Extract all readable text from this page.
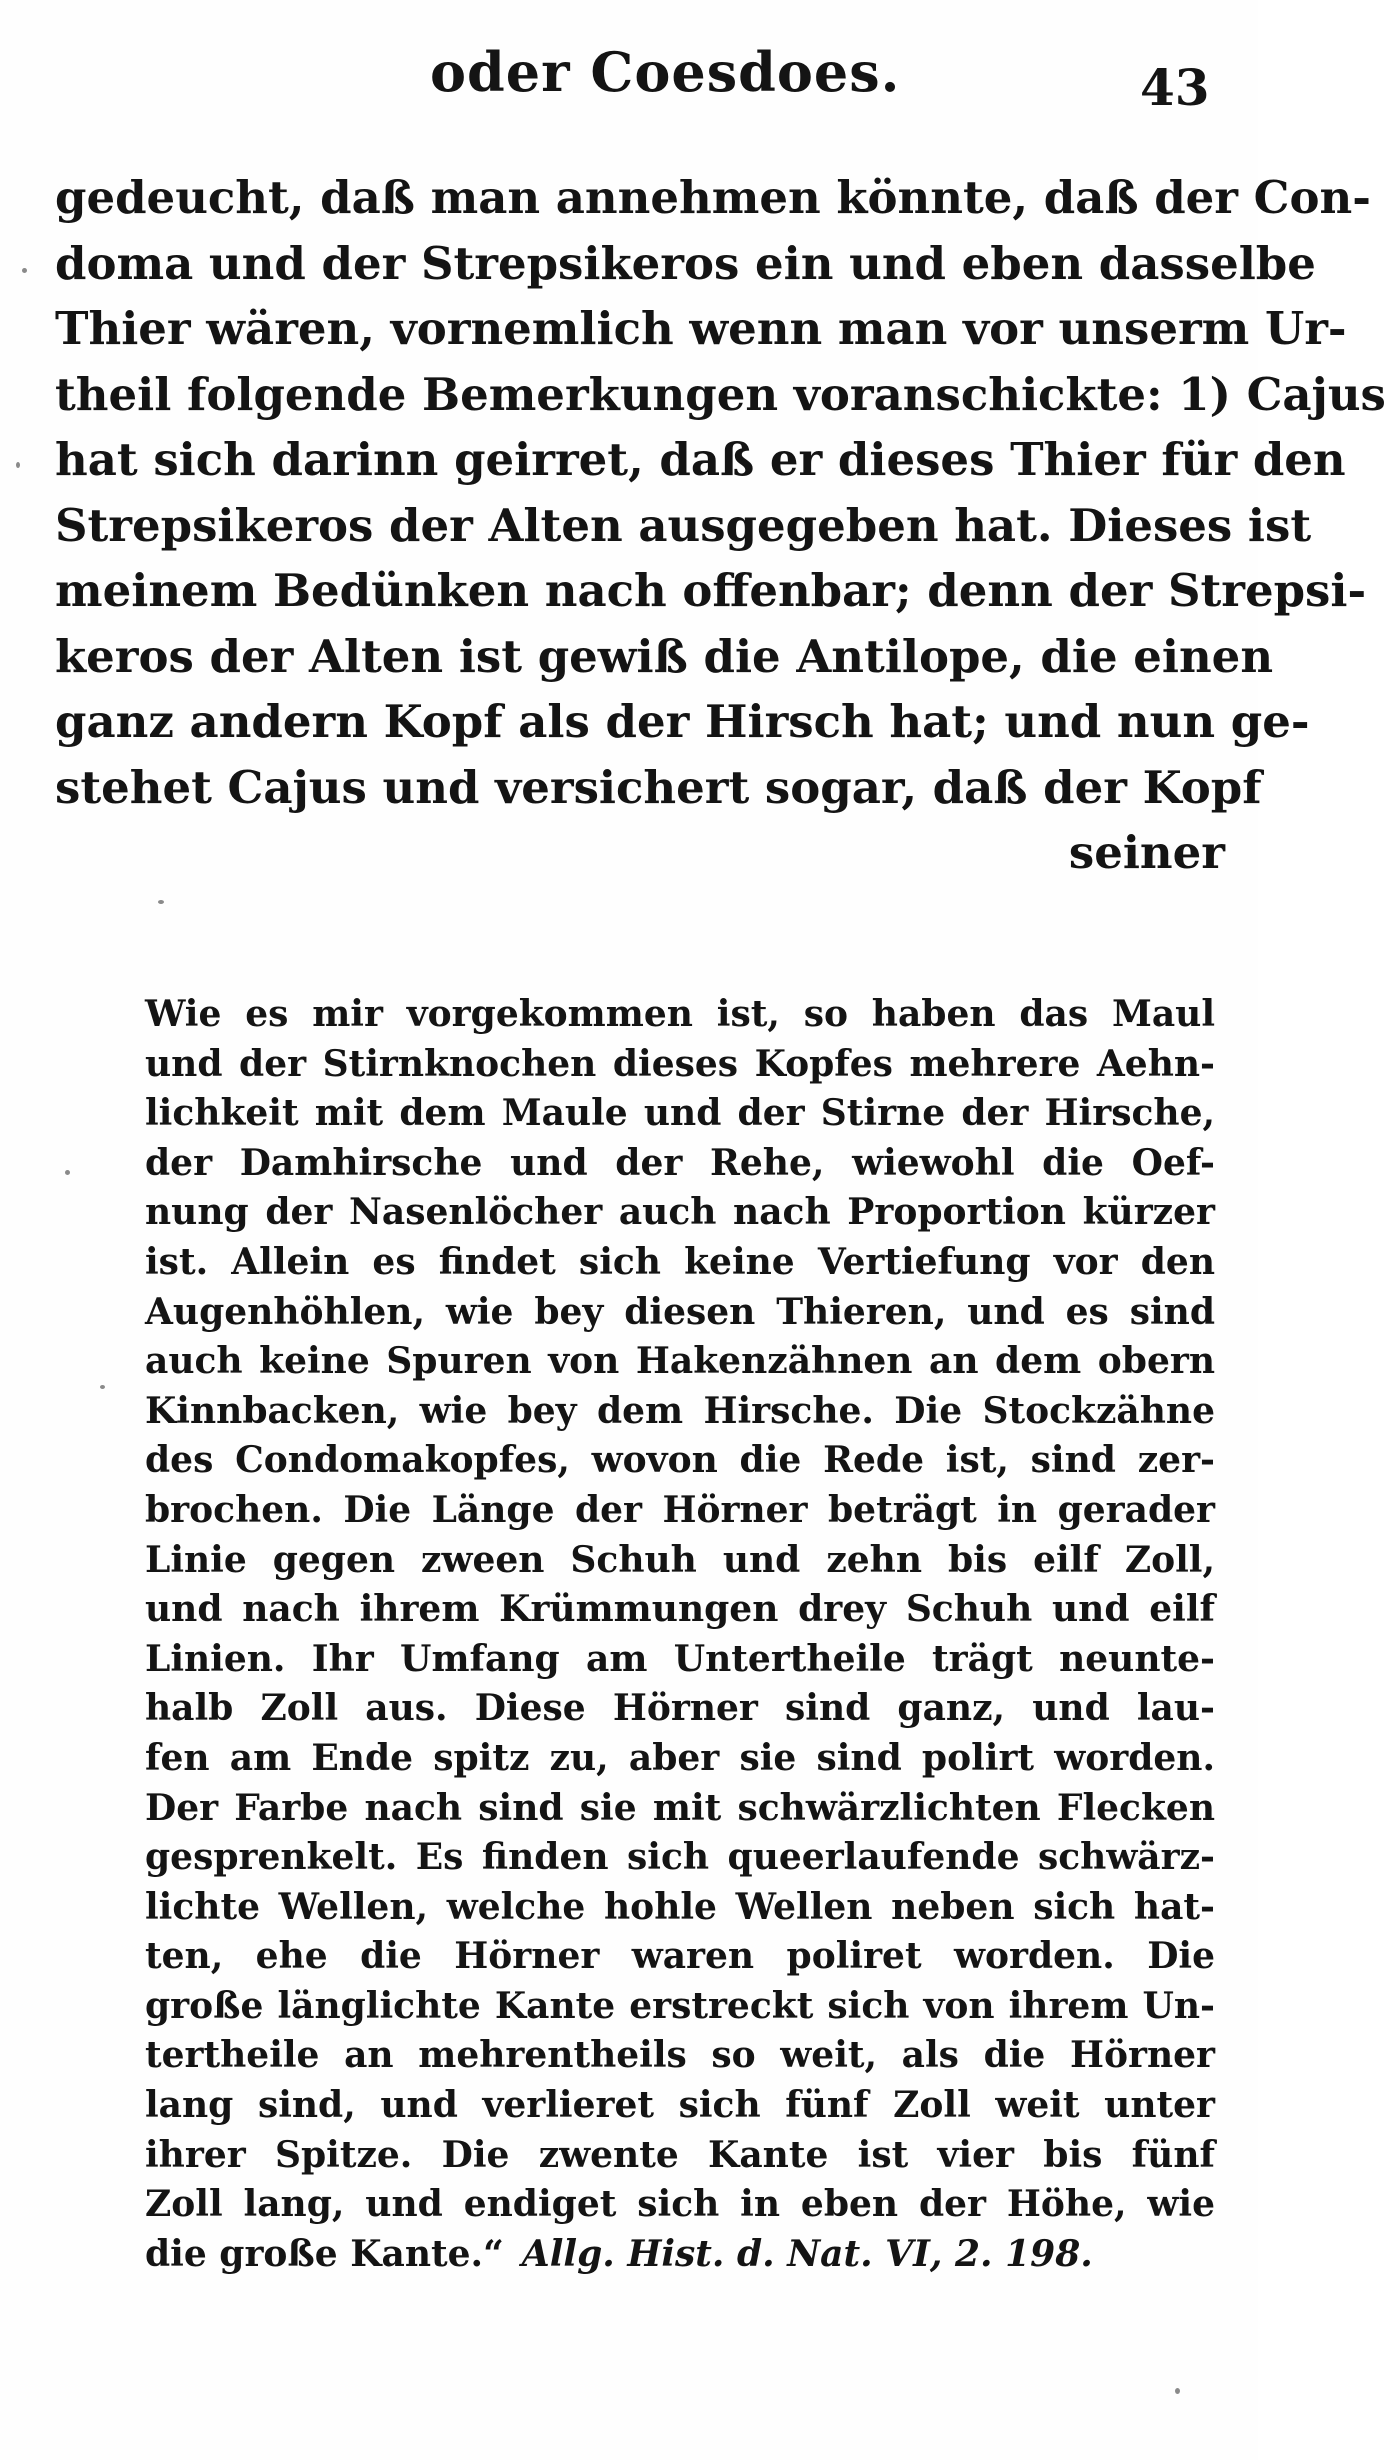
oder Coesdoes.	43
gedeucht, daß man annehmen könnte, daß der Con-
doma und der Strepsikeros ein und eben dasselbe
Thier wären, vornemlich wenn man vor unserm Ur-
theil folgende Bemerkungen voranschickte: 1) Cajus
hat sich darinn geirret, daß er dieses Thier für den
Strepsikeros der Alten ausgegeben hat. Dieses ist
meinem Bedünken nach offenbar; denn der Strepsi-
keros der Alten ist gewiß die Antilope, die einen
ganz andern Kopf als der Hirsch hat; und nun ge-
stehet Cajus und versichert sogar, daß der Kopf
seiner
Wie es mir vorgekommen ist, so haben das Maul
und der Stirnknochen dieses Kopfes mehrere Aehn-
lichkeit mit dem Maule und der Stirne der Hirsche,
der Damhirsche und der Rehe, wiewohl die Oef-
nung der Nasenlöcher auch nach Proportion kürzer
ist. Allein es findet sich keine Vertiefung vor den
Augenhöhlen, wie bey diesen Thieren, und es sind
auch keine Spuren von Hakenzähnen an dem obern
Kinnbacken, wie bey dem Hirsche. Die Stockzähne
des Condomakopfes, wovon die Rede ist, sind zer-
brochen. Die Länge der Hörner beträgt in gerader
Linie gegen zween Schuh und zehn bis eilf Zoll,
und nach ihrem Krümmungen drey Schuh und eilf
Linien. Ihr Umfang am Untertheile trägt neunte-
halb Zoll aus. Diese Hörner sind ganz, und lau-
fen am Ende spitz zu, aber sie sind polirt worden.
Der Farbe nach sind sie mit schwärzlichten Flecken
gesprenkelt. Es finden sich queerlaufende schwärz-
lichte Wellen, welche hohle Wellen neben sich hat-
ten, ehe die Hörner waren poliret worden. Die
große länglichte Kante erstreckt sich von ihrem Un-
tertheile an mehrentheils so weit, als die Hörner
lang sind, und verlieret sich fünf Zoll weit unter
ihrer Spitze. Die zwente Kante ist vier bis fünf
Zoll lang, und endiget sich in eben der Höhe, wie
die große Kante.“ Allg. Hist. d. Nat. VI, 2. 198.
